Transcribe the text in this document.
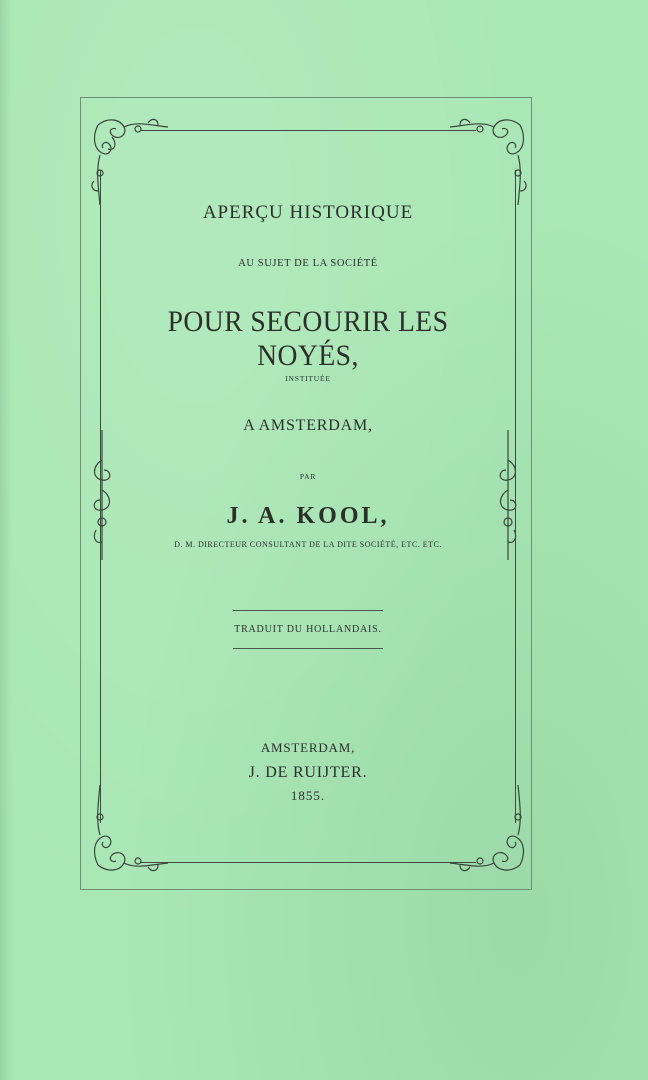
APERÇU HISTORIQUE
AU SUJET DE LA SOCIÉTÉ
POUR SECOURIR LES NOYÉS,
INSTITUÉE
A AMSTERDAM,
PAR
J. A. KOOL,
D. M. DIRECTEUR CONSULTANT DE LA DITE SOCIÉTÉ, ETC. ETC.
TRADUIT DU HOLLANDAIS.
AMSTERDAM,
J. DE RUIJTER.
1855.
